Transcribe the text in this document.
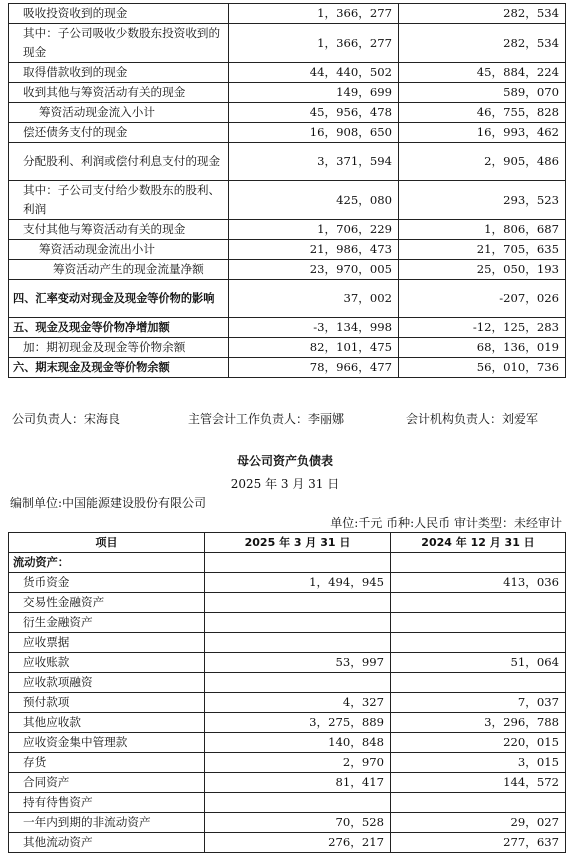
吸收投资收到的现金	1，366，277	282，534
其中：子公司吸收少数股东投资收到的现金	1，366，277	282，534
取得借款收到的现金	44，440，502	45，884，224
收到其他与筹资活动有关的现金	149，699	589，070
筹资活动现金流入小计	45，956，478	46，755，828
偿还债务支付的现金	16，908，650	16，993，462
分配股利、利润或偿付利息支付的现金	3，371，594	2，905，486
其中：子公司支付给少数股东的股利、利润	425，080	293，523
支付其他与筹资活动有关的现金	1，706，229	1，806，687
筹资活动现金流出小计	21，986，473	21，705，635
筹资活动产生的现金流量净额	23，970，005	25，050，193
四、汇率变动对现金及现金等价物的影响	37，002	-207，026
五、现金及现金等价物净增加额	-3，134，998	-12，125，283
加：期初现金及现金等价物余额	82，101，475	68，136，019
六、期末现金及现金等价物余额	78，966，477	56，010，736
公司负责人：宋海良	主管会计工作负责人：李丽娜	会计机构负责人：刘爱军
母公司资产负债表
2025 年 3 月 31 日
编制单位:中国能源建设股份有限公司
单位:千元 币种:人民币 审计类型：未经审计
项目	2025 年 3 月 31 日	2024 年 12 月 31 日
流动资产：		
货币资金	1，494，945	413，036
交易性金融资产		
衍生金融资产		
应收票据		
应收账款	53，997	51，064
应收款项融资		
预付款项	4，327	7，037
其他应收款	3，275，889	3，296，788
应收资金集中管理款	140，848	220，015
存货	2，970	3，015
合同资产	81，417	144，572
持有待售资产		
一年内到期的非流动资产	70，528	29，027
其他流动资产	276，217	277，637
